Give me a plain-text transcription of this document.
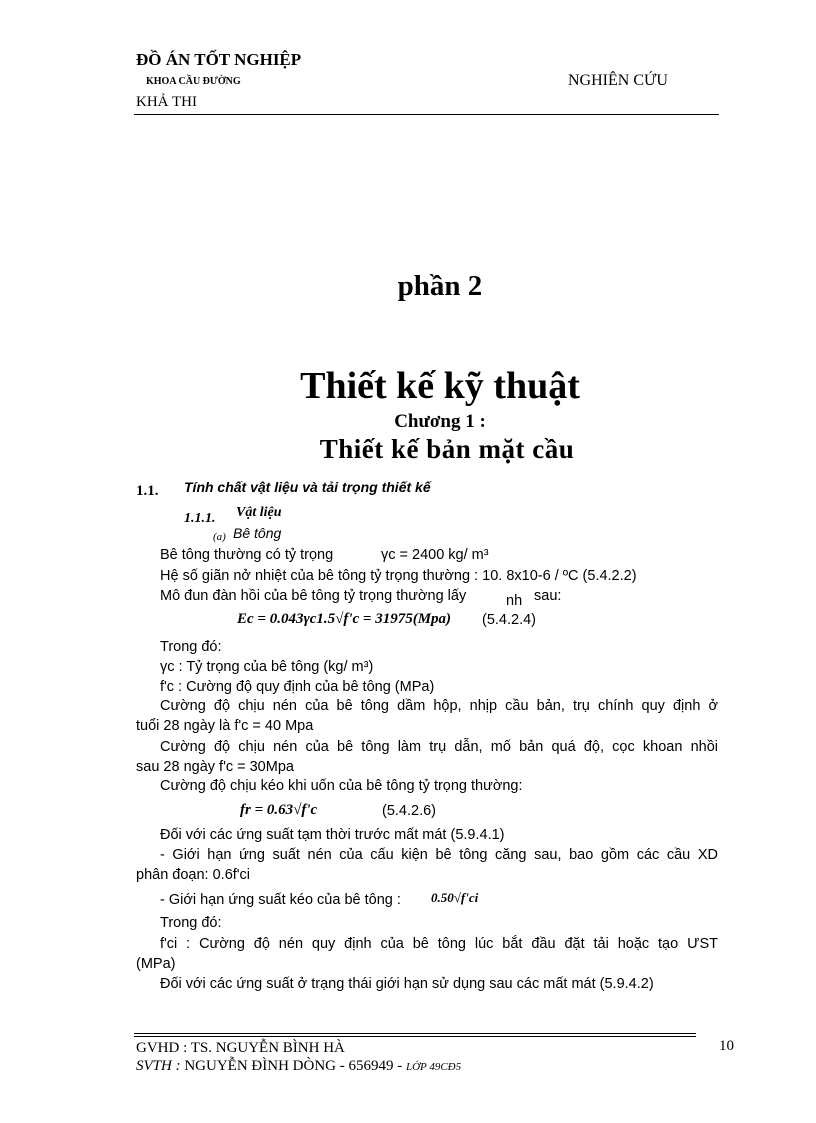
ĐỒ ÁN TỐT NGHIỆP
KHOA CẦU ĐƯỜNG	NGHIÊN CỨU
KHẢ THI
phần 2
Thiết kế kỹ thuật
Chương 1 :
Thiết kế bản mặt cầu
1.1. Tính chất vật liệu và tải trọng thiết kế
1.1.1. Vật liệu
(a) Bê tông
Bê tông thường có tỷ trọng	γc = 2400 kg/ m³
Hệ số giãn nở nhiệt của bê tông tỷ trọng thường : 10. 8x10-6 / ºC (5.4.2.2)
Mô đun đàn hồi của bê tông tỷ trọng thường lấy	nh sau:
Ec = 0.043γc1.5√f'c = 31975(Mpa) (5.4.2.4)
Trong đó:
γc : Tỷ trọng của bê tông (kg/ m³)
f'c : Cường độ quy định của bê tông (MPa)
Cường độ chịu nén của bê tông dầm hộp, nhịp cầu bản, trụ chính quy định ở
tuổi 28 ngày là f'c = 40 Mpa
Cường độ chịu nén của bê tông làm trụ dẫn, mố bản quá độ, cọc khoan nhồi
sau 28 ngày f'c = 30Mpa
Cường độ chịu kéo khi uốn của bê tông tỷ trọng thường:
fr = 0.63√f'c	(5.4.2.6)
Đối với các ứng suất tạm thời trước mất mát (5.9.4.1)
- Giới hạn ứng suất nén của cấu kiện bê tông căng sau, bao gồm các cầu XD
phân đoạn: 0.6f'ci
- Giới hạn ứng suất kéo của bê tông : 0.50√f'ci
Trong đó:
f'ci : Cường độ nén quy định của bê tông lúc bắt đầu đặt tải hoặc tạo ƯST
(MPa)
Đối với các ứng suất ở trạng thái giới hạn sử dụng sau các mất mát (5.9.4.2)
GVHD : TS. NGUYỄN BÌNH HÀ
SVTH : NGUYỄN ĐÌNH DÒNG - 656949 - LỚP 49CĐ5
10
